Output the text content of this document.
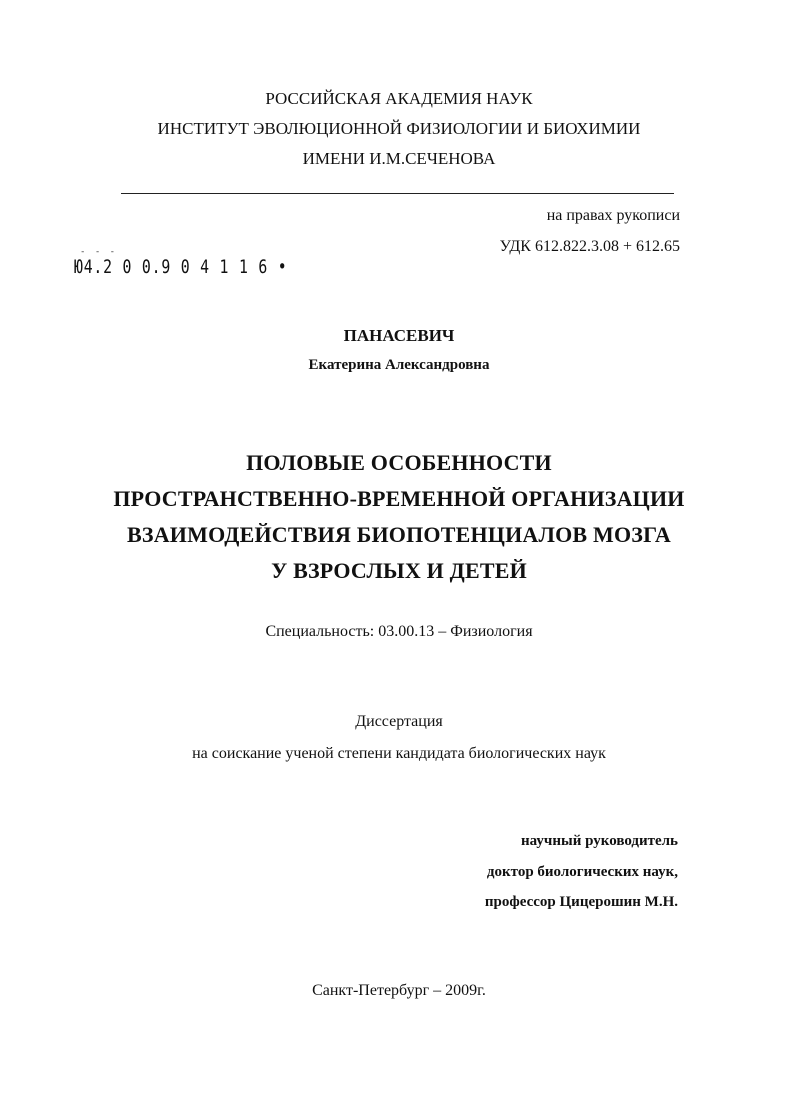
РОССИЙСКАЯ АКАДЕМИЯ НАУК
ИНСТИТУТ ЭВОЛЮЦИОННОЙ ФИЗИОЛОГИИ И БИОХИМИИ
ИМЕНИ И.М.СЕЧЕНОВА
на правах рукописи
УДК 612.822.3.08 + 612.65
- - -
Ю4.2 0 0.9 0 4 1 1 6 •
ПАНАСЕВИЧ
Екатерина Александровна
ПОЛОВЫЕ ОСОБЕННОСТИ
ПРОСТРАНСТВЕННО-ВРЕМЕННОЙ ОРГАНИЗАЦИИ
ВЗАИМОДЕЙСТВИЯ БИОПОТЕНЦИАЛОВ МОЗГА
У ВЗРОСЛЫХ И ДЕТЕЙ
Специальность: 03.00.13 – Физиология
Диссертация
на соискание ученой степени кандидата биологических наук
научный руководитель
доктор биологических наук,
профессор Цицерошин М.Н.
Санкт-Петербург – 2009г.
